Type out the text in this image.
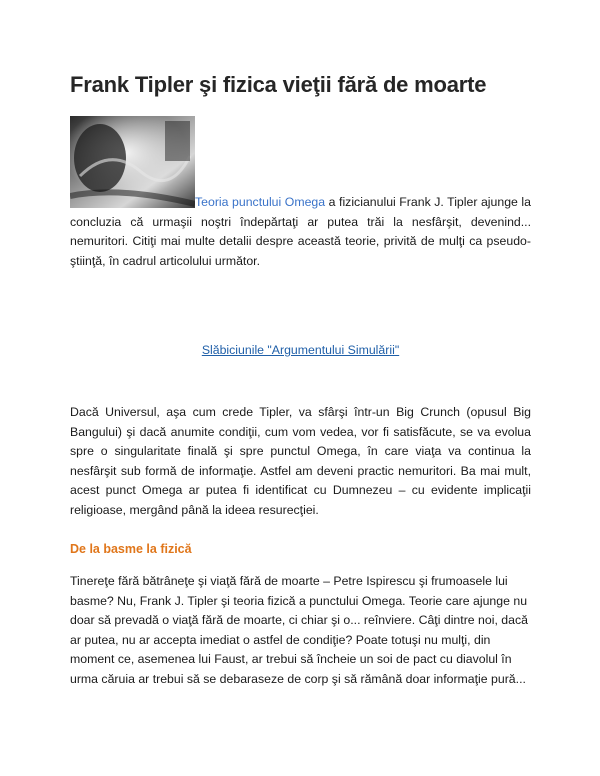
Frank Tipler şi fizica vieţii fără de moarte

Teoria punctului Omega a fizicianului Frank J. Tipler ajunge la concluzia că urmaşii noştri îndepărtaţi ar putea trăi la nesfârşit, devenind... nemuritori. Citiţi mai multe detalii despre această teorie, privită de mulţi ca pseudo-ştiinţă, în cadrul articolului următor.

Slăbiciunile "Argumentului Simulării"

Dacă Universul, aşa cum crede Tipler, va sfârşi într-un Big Crunch (opusul Big Bangului) şi dacă anumite condiţii, cum vom vedea, vor fi satisfăcute, se va evolua spre o singularitate finală şi spre punctul Omega, în care viaţa va continua la nesfârşit sub formă de informaţie. Astfel am deveni practic nemuritori. Ba mai mult, acest punct Omega ar putea fi identificat cu Dumnezeu – cu evidente implicaţii religioase, mergând până la ideea resurecţiei.

De la basme la fizică

Tinereţe fără bătrâneţe şi viaţă fără de moarte – Petre Ispirescu şi frumoasele lui basme? Nu, Frank J. Tipler şi teoria fizică a punctului Omega. Teorie care ajunge nu doar să prevadă o viaţă fără de moarte, ci chiar şi o... reînviere. Câţi dintre noi, dacă ar putea, nu ar accepta imediat o astfel de condiţie? Poate totuşi nu mulţi, din moment ce, asemenea lui Faust, ar trebui să încheie un soi de pact cu diavolul în urma căruia ar trebui să se debaraseze de corp şi să rămână doar informaţie pură...
